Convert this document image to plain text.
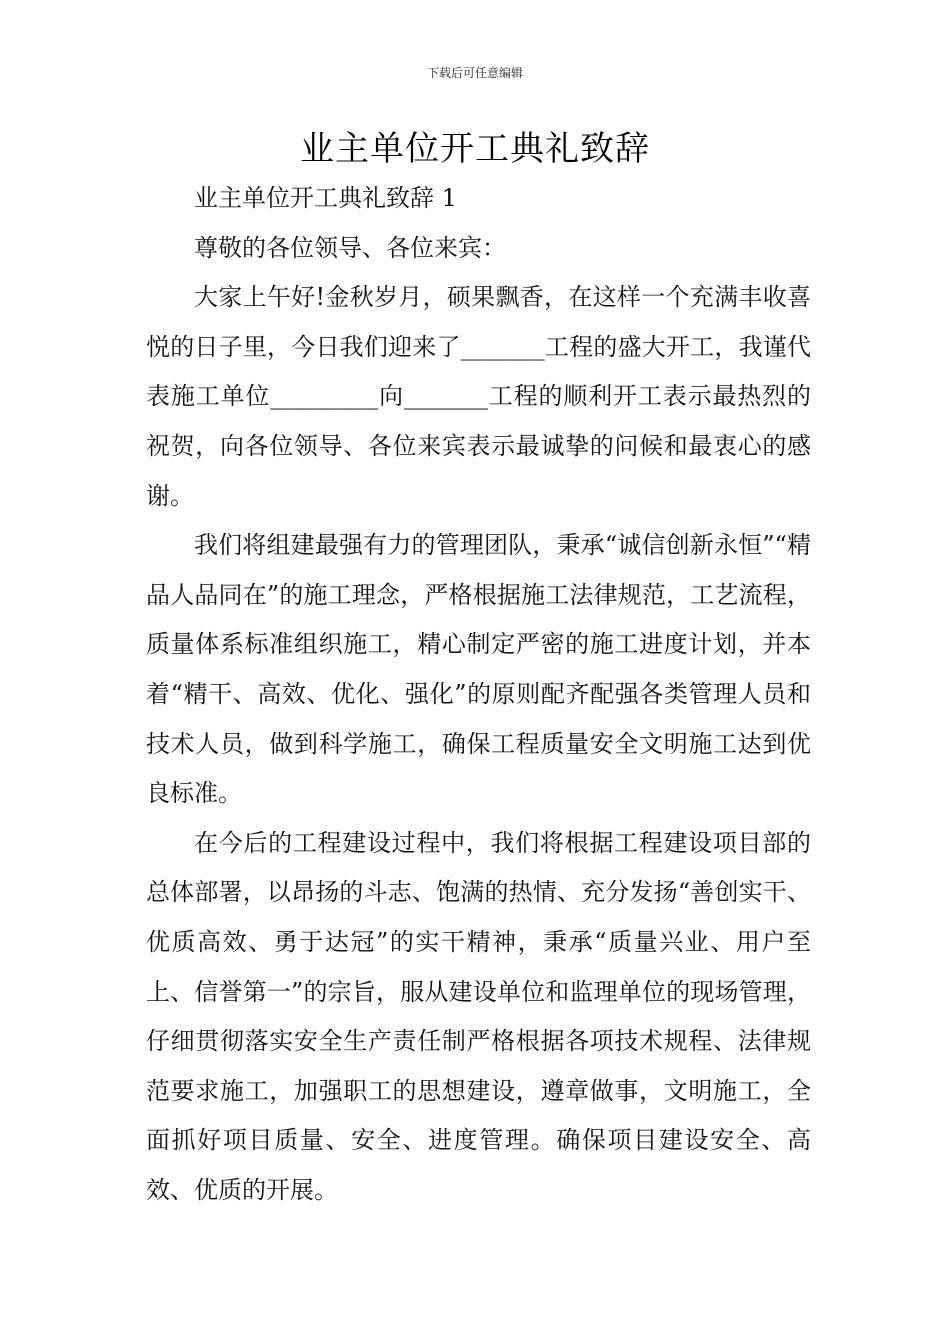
下载后可任意编辑
业主单位开工典礼致辞

业主单位开工典礼致辞 1

尊敬的各位领导、各位来宾：

大家上午好!金秋岁月，硕果飘香，在这样一个充满丰收喜悦的日子里，今日我们迎来了_______工程的盛大开工，我谨代表施工单位_________向_______工程的顺利开工表示最热烈的祝贺，向各位领导、各位来宾表示最诚挚的问候和最衷心的感谢。

我们将组建最强有力的管理团队，秉承“诚信创新永恒”“精品人品同在”的施工理念，严格根据施工法律规范，工艺流程，质量体系标准组织施工，精心制定严密的施工进度计划，并本着“精干、高效、优化、强化”的原则配齐配强各类管理人员和技术人员，做到科学施工，确保工程质量安全文明施工达到优良标准。

在今后的工程建设过程中，我们将根据工程建设项目部的总体部署，以昂扬的斗志、饱满的热情、充分发扬“善创实干、优质高效、勇于达冠”的实干精神，秉承“质量兴业、用户至上、信誉第一”的宗旨，服从建设单位和监理单位的现场管理，仔细贯彻落实安全生产责任制严格根据各项技术规程、法律规范要求施工，加强职工的思想建设，遵章做事，文明施工，全面抓好项目质量、安全、进度管理。确保项目建设安全、高效、优质的开展。
